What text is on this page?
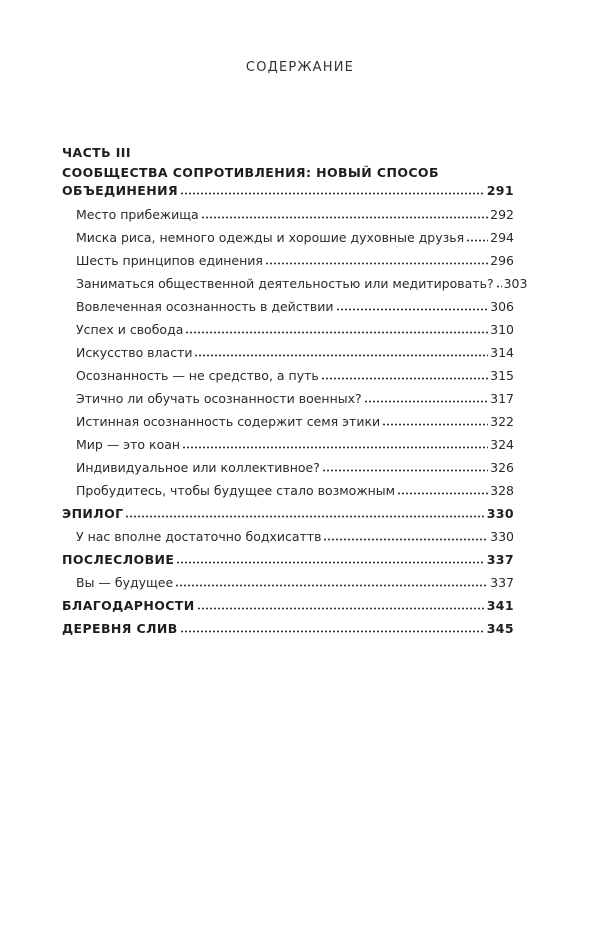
СОДЕРЖАНИЕ
ЧАСТЬ III
СООБЩЕСТВА СОПРОТИВЛЕНИЯ: НОВЫЙ СПОСОБ
ОБЪЕДИНЕНИЯ	291
Место прибежища	292
Миска риса, немного одежды и хорошие духовные друзья 294
Шесть принципов единения	296
Заниматься общественной деятельностью или медитировать? 303
Вовлеченная осознанность в действии	306
Успех и свобода	310
Искусство власти	314
Осознанность — не средство, а путь	315
Этично ли обучать осознанности военных?	317
Истинная осознанность содержит семя этики	322
Мир — это коан	324
Индивидуальное или коллективное?	326
Пробудитесь, чтобы будущее стало возможным	328
ЭПИЛОГ	330
У нас вполне достаточно бодхисаттв	330
ПОСЛЕСЛОВИЕ	337
Вы — будущее	337
БЛАГОДАРНОСТИ	341
ДЕРЕВНЯ СЛИВ	345
